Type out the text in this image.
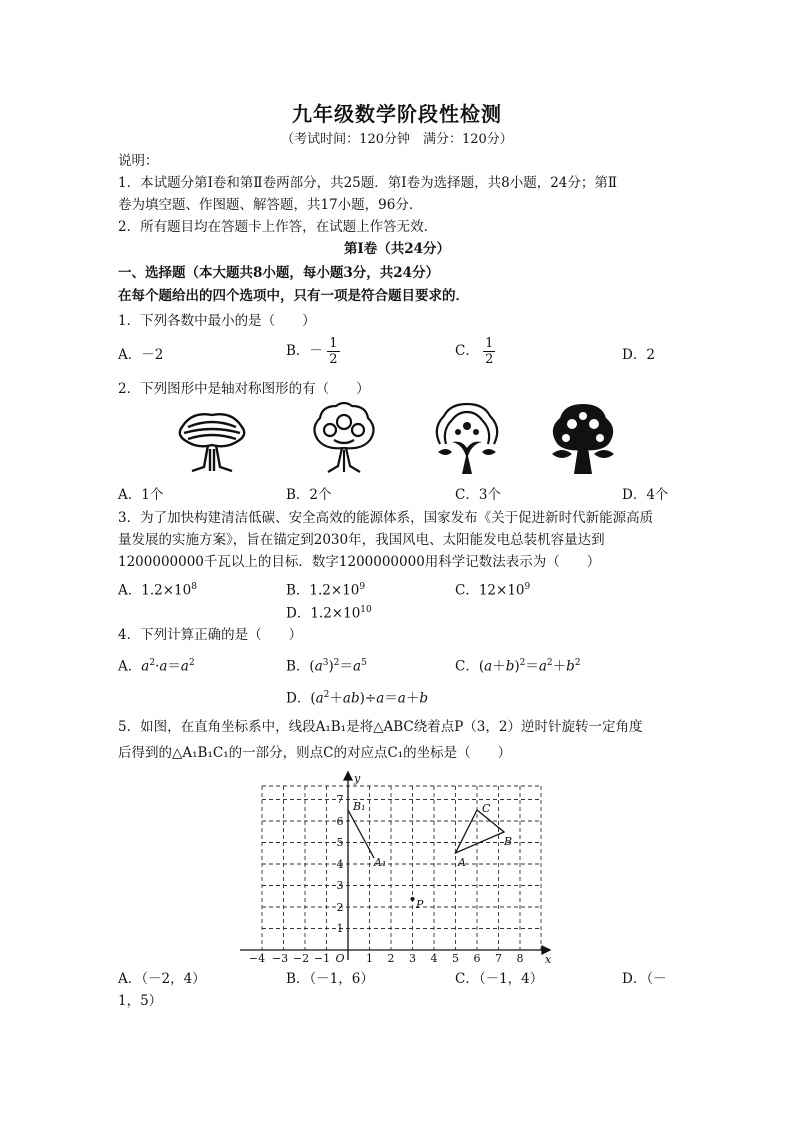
九年级数学阶段性检测
（考试时间：120分钟　满分：120分）
说明：
1．本试题分第Ⅰ卷和第Ⅱ卷两部分，共25题．第Ⅰ卷为选择题，共8小题，24分；第Ⅱ
卷为填空题、作图题、解答题，共17小题，96分．
2．所有题目均在答题卡上作答，在试题上作答无效．
第Ⅰ卷（共24分）
一、选择题（本大题共8小题，每小题3分，共24分）
在每个题给出的四个选项中，只有一项是符合题目要求的．
1．下列各数中最小的是（　　）
A．－2	B．－ $\frac{1}{2}$	C． $\frac{1}{2}$	D．2
2．下列图形中是轴对称图形的有（　　）
A．1个	B．2个	C．3个	D．4个
3．为了加快构建清洁低碳、安全高效的能源体系，国家发布《关于促进新时代新能源高质
量发展的实施方案》，旨在锚定到2030年，我国风电、太阳能发电总装机容量达到
1200000000千瓦以上的目标．数字1200000000用科学记数法表示为（　　）
A．$1.2\times 10^8$	B．$1.2\times 10^9$	C．$12\times 10^9$
D．$1.2\times 10^{10}$
4．下列计算正确的是（　　）
A．$a^2\cdot a=a^2$	B．$(a^3)^2=a^5$	C．$(a+b)^2=a^2+b^2$
D．$(a^2+ab)\div a=a+b$
5．如图，在直角坐标系中，线段A₁B₁是将△ABC绕着点P（3，2）逆时针旋转一定角度
后得到的△A₁B₁C₁的一部分，则点C的对应点C₁的坐标是（　　）
−4 −3 −2 −1 O 1 2 3 4 5 6 7 8 x
1
2
3
4
5
6
7
y
B₁
A₁
P
A
B
C
A．（－2，4）	B．（－1，6）	C．（－1，4）	D．（－
1，5）
